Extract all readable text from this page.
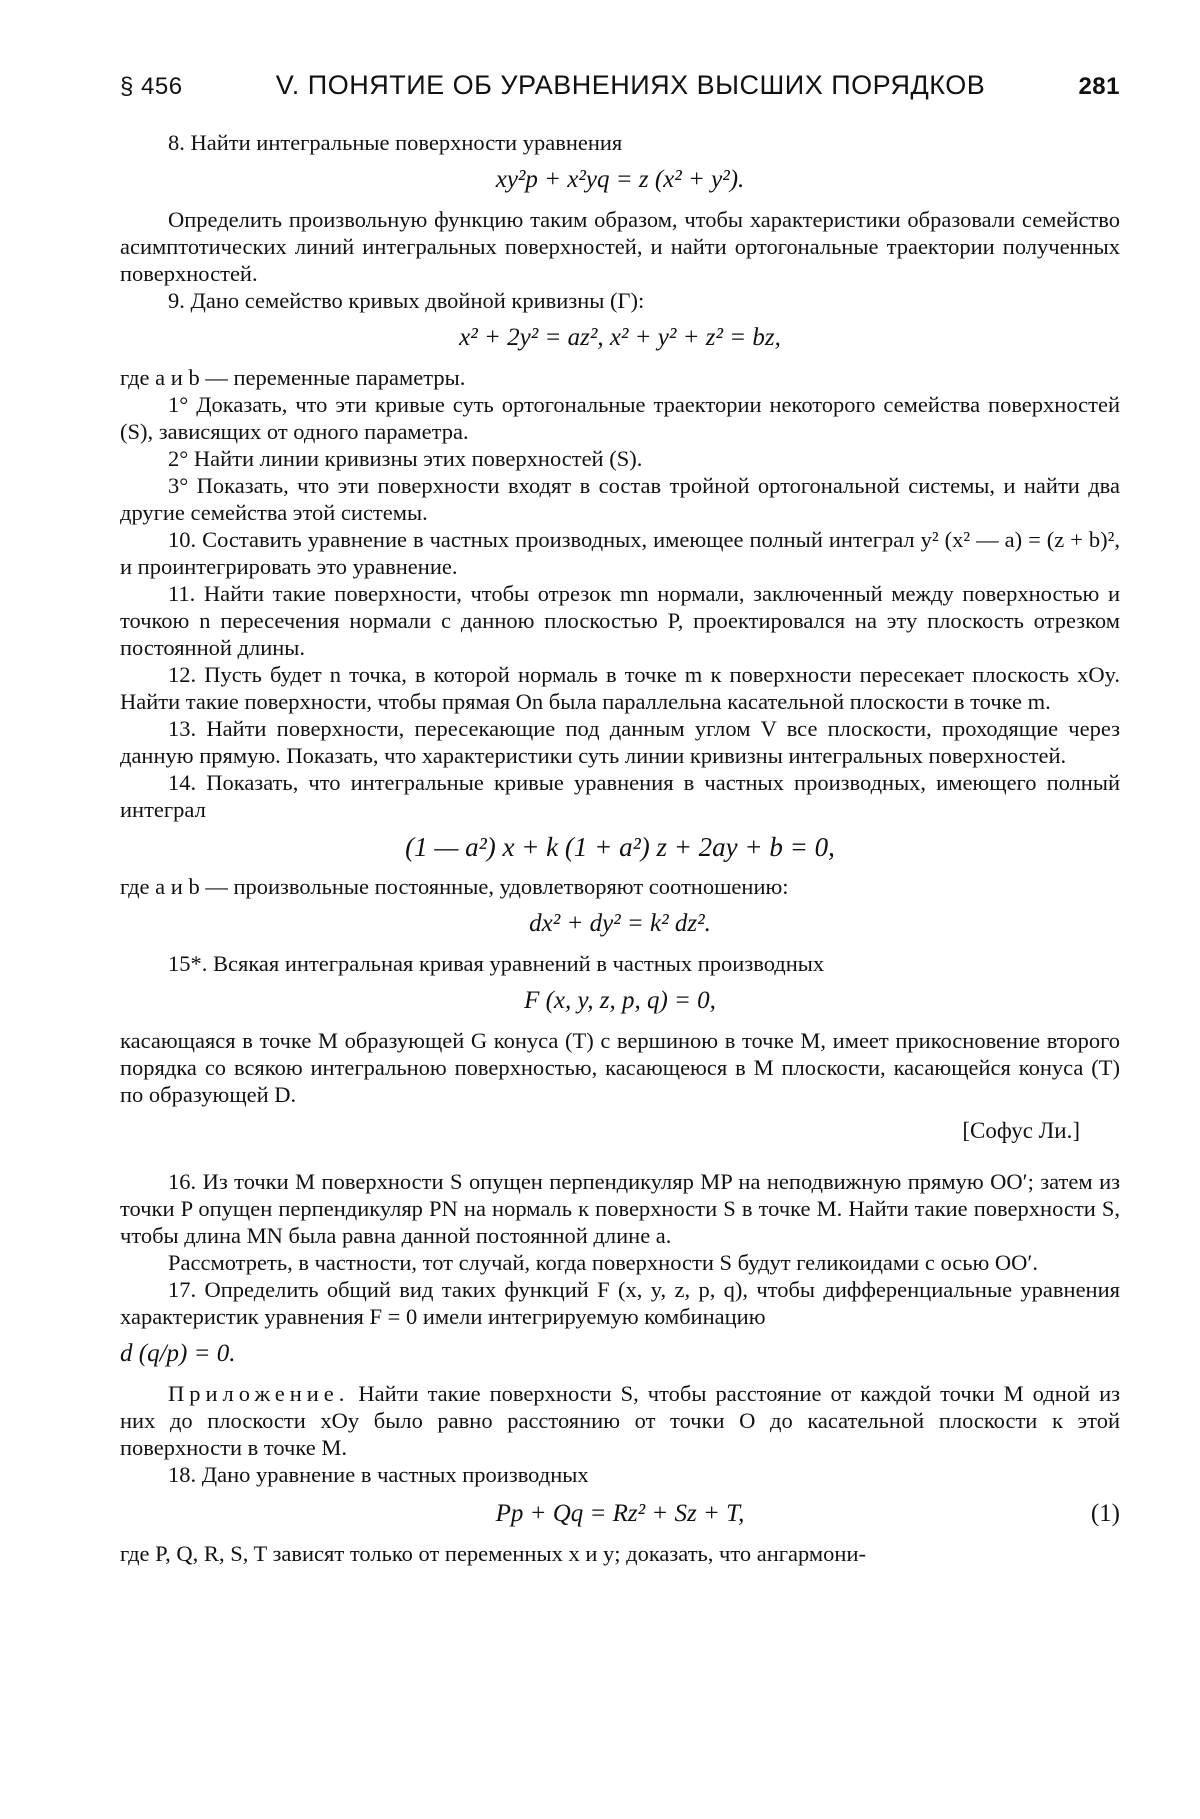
§ 456	V. ПОНЯТИЕ ОБ УРАВНЕНИЯХ ВЫСШИХ ПОРЯДКОВ	281

8. Найти интегральные поверхности уравнения

xy²p + x²yq = z (x² + y²).

Определить произвольную функцию таким образом, чтобы характеристики образовали семейство асимптотических линий интегральных поверхностей, и найти ортогональные траектории полученных поверхностей.

9. Дано семейство кривых двойной кривизны (Г):

x² + 2y² = az², x² + y² + z² = bz,

где a и b — переменные параметры.

1° Доказать, что эти кривые суть ортогональные траектории некоторого семейства поверхностей (S), зависящих от одного параметра.

2° Найти линии кривизны этих поверхностей (S).

3° Показать, что эти поверхности входят в состав тройной ортогональной системы, и найти два другие семейства этой системы.

10. Составить уравнение в частных производных, имеющее полный интеграл y² (x² — a) = (z + b)², и проинтегрировать это уравнение.

11. Найти такие поверхности, чтобы отрезок mn нормали, заключенный между поверхностью и точкою n пересечения нормали с данною плоскостью P, проектировался на эту плоскость отрезком постоянной длины.

12. Пусть будет n точка, в которой нормаль в точке m к поверхности пересекает плоскость xOy. Найти такие поверхности, чтобы прямая On была параллельна касательной плоскости в точке m.

13. Найти поверхности, пересекающие под данным углом V все плоскости, проходящие через данную прямую. Показать, что характеристики суть линии кривизны интегральных поверхностей.

14. Показать, что интегральные кривые уравнения в частных производных, имеющего полный интеграл

(1 — a²) x + k (1 + a²) z + 2ay + b = 0,

где a и b — произвольные постоянные, удовлетворяют соотношению:

dx² + dy² = k² dz².

15*. Всякая интегральная кривая уравнений в частных производных

F (x, y, z, p, q) = 0,

касающаяся в точке M образующей G конуса (T) с вершиною в точке M, имеет прикосновение второго порядка со всякою интегральною поверхностью, касающеюся в M плоскости, касающейся конуса (T) по образующей D.

[Софус Ли.]

16. Из точки M поверхности S опущен перпендикуляр MP на неподвижную прямую OO′; затем из точки P опущен перпендикуляр PN на нормаль к поверхности S в точке M. Найти такие поверхности S, чтобы длина MN была равна данной постоянной длине a.

Рассмотреть, в частности, тот случай, когда поверхности S будут геликоидами с осью OO′.

17. Определить общий вид таких функций F (x, y, z, p, q), чтобы дифференциальные уравнения характеристик уравнения F = 0 имели интегрируемую комбинацию

d (q/p) = 0.

Приложение. Найти такие поверхности S, чтобы расстояние от каждой точки M одной из них до плоскости xOy было равно расстоянию от точки O до касательной плоскости к этой поверхности в точке M.

18. Дано уравнение в частных производных

Pp + Qq = Rz² + Sz + T,	(1)

где P, Q, R, S, T зависят только от переменных x и y; доказать, что ангармони-
